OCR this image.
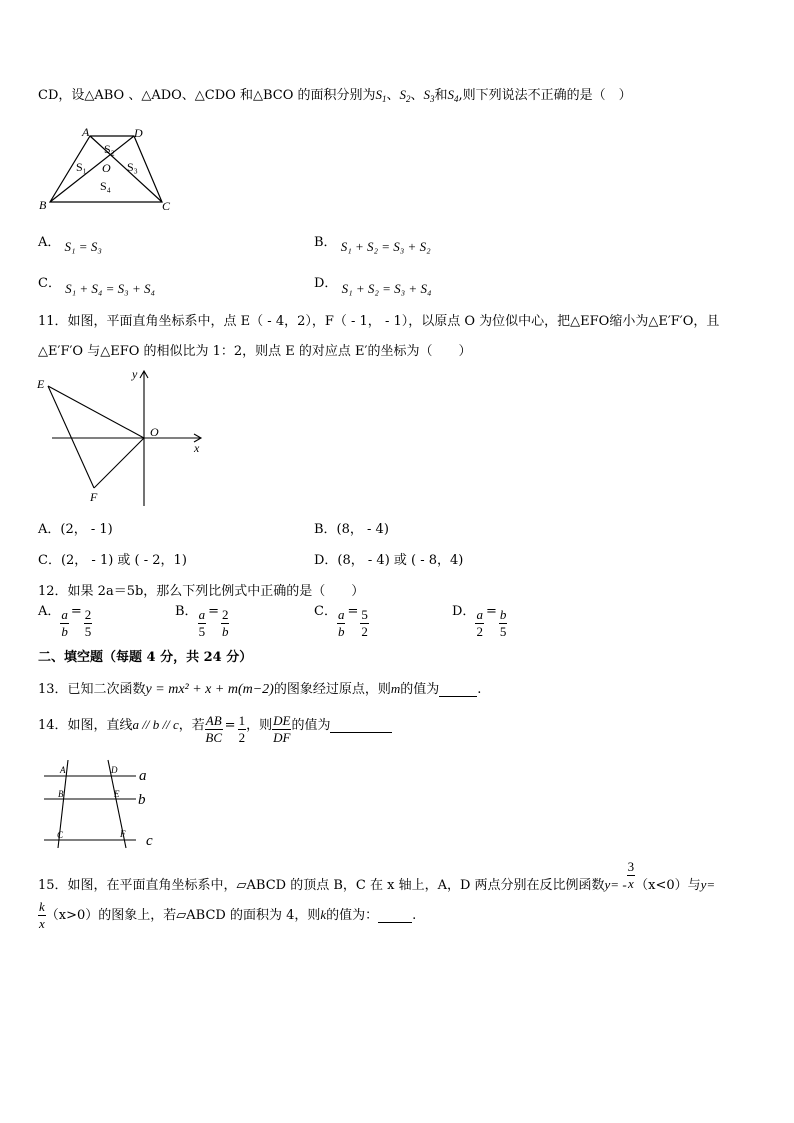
CD，设△ABO 、△ADO、△CDO 和△BCO 的面积分别为$S_1$、$S_2$、$S_3$和$S_4$,则下列说法不正确的是（　）
A	D
S₂
S₁ O S₃
S₄
B	C
A． S₁ = S₃	B． S₁ + S₂ = S₃ + S₂
C． S₁ + S₄ = S₃ + S₄	D． S₁ + S₂ = S₃ + S₄
11．如图，平面直角坐标系中，点 E（ - 4，2），F（ - 1， - 1），以原点 O 为位似中心，把△EFO缩小为△E′F′O，且
△E′F′O 与△EFO 的相似比为 1：2，则点 E 的对应点 E′的坐标为（　　）
E
y
O
x
F
A．(2， - 1)	B．(8， - 4)
C．(2， - 1) 或 ( - 2，1)	D．(8， - 4) 或 ( - 8，4)
12．如果 2a＝5b，那么下列比例式中正确的是（　　）
A． $\frac{a}{b} = \frac{2}{5}$	B． $\frac{a}{5} = \frac{2}{b}$	C． $\frac{a}{b} = \frac{5}{2}$	D． $\frac{a}{2} = \frac{b}{5}$
二、填空题（每题 4 分，共 24 分）
13．已知二次函数y = mx² + x + m(m−2)的图象经过原点，则m的值为	.
14．如图，直线a // b // c，若 $\frac{AB}{BC} = \frac{1}{2}$ ，则 $\frac{DE}{DF}$ 的值为
A	D a
B	E b
C	F c
15．如图，在平面直角坐标系中，▱ABCD 的顶点 B，C 在 x 轴上，A，D 两点分别在反比例函数$y= - \frac{3}{x} (x<0)$与y=
$\frac{k}{x} (x>0)$的图象上，若▱ABCD 的面积为 4，则k的值为：	.
